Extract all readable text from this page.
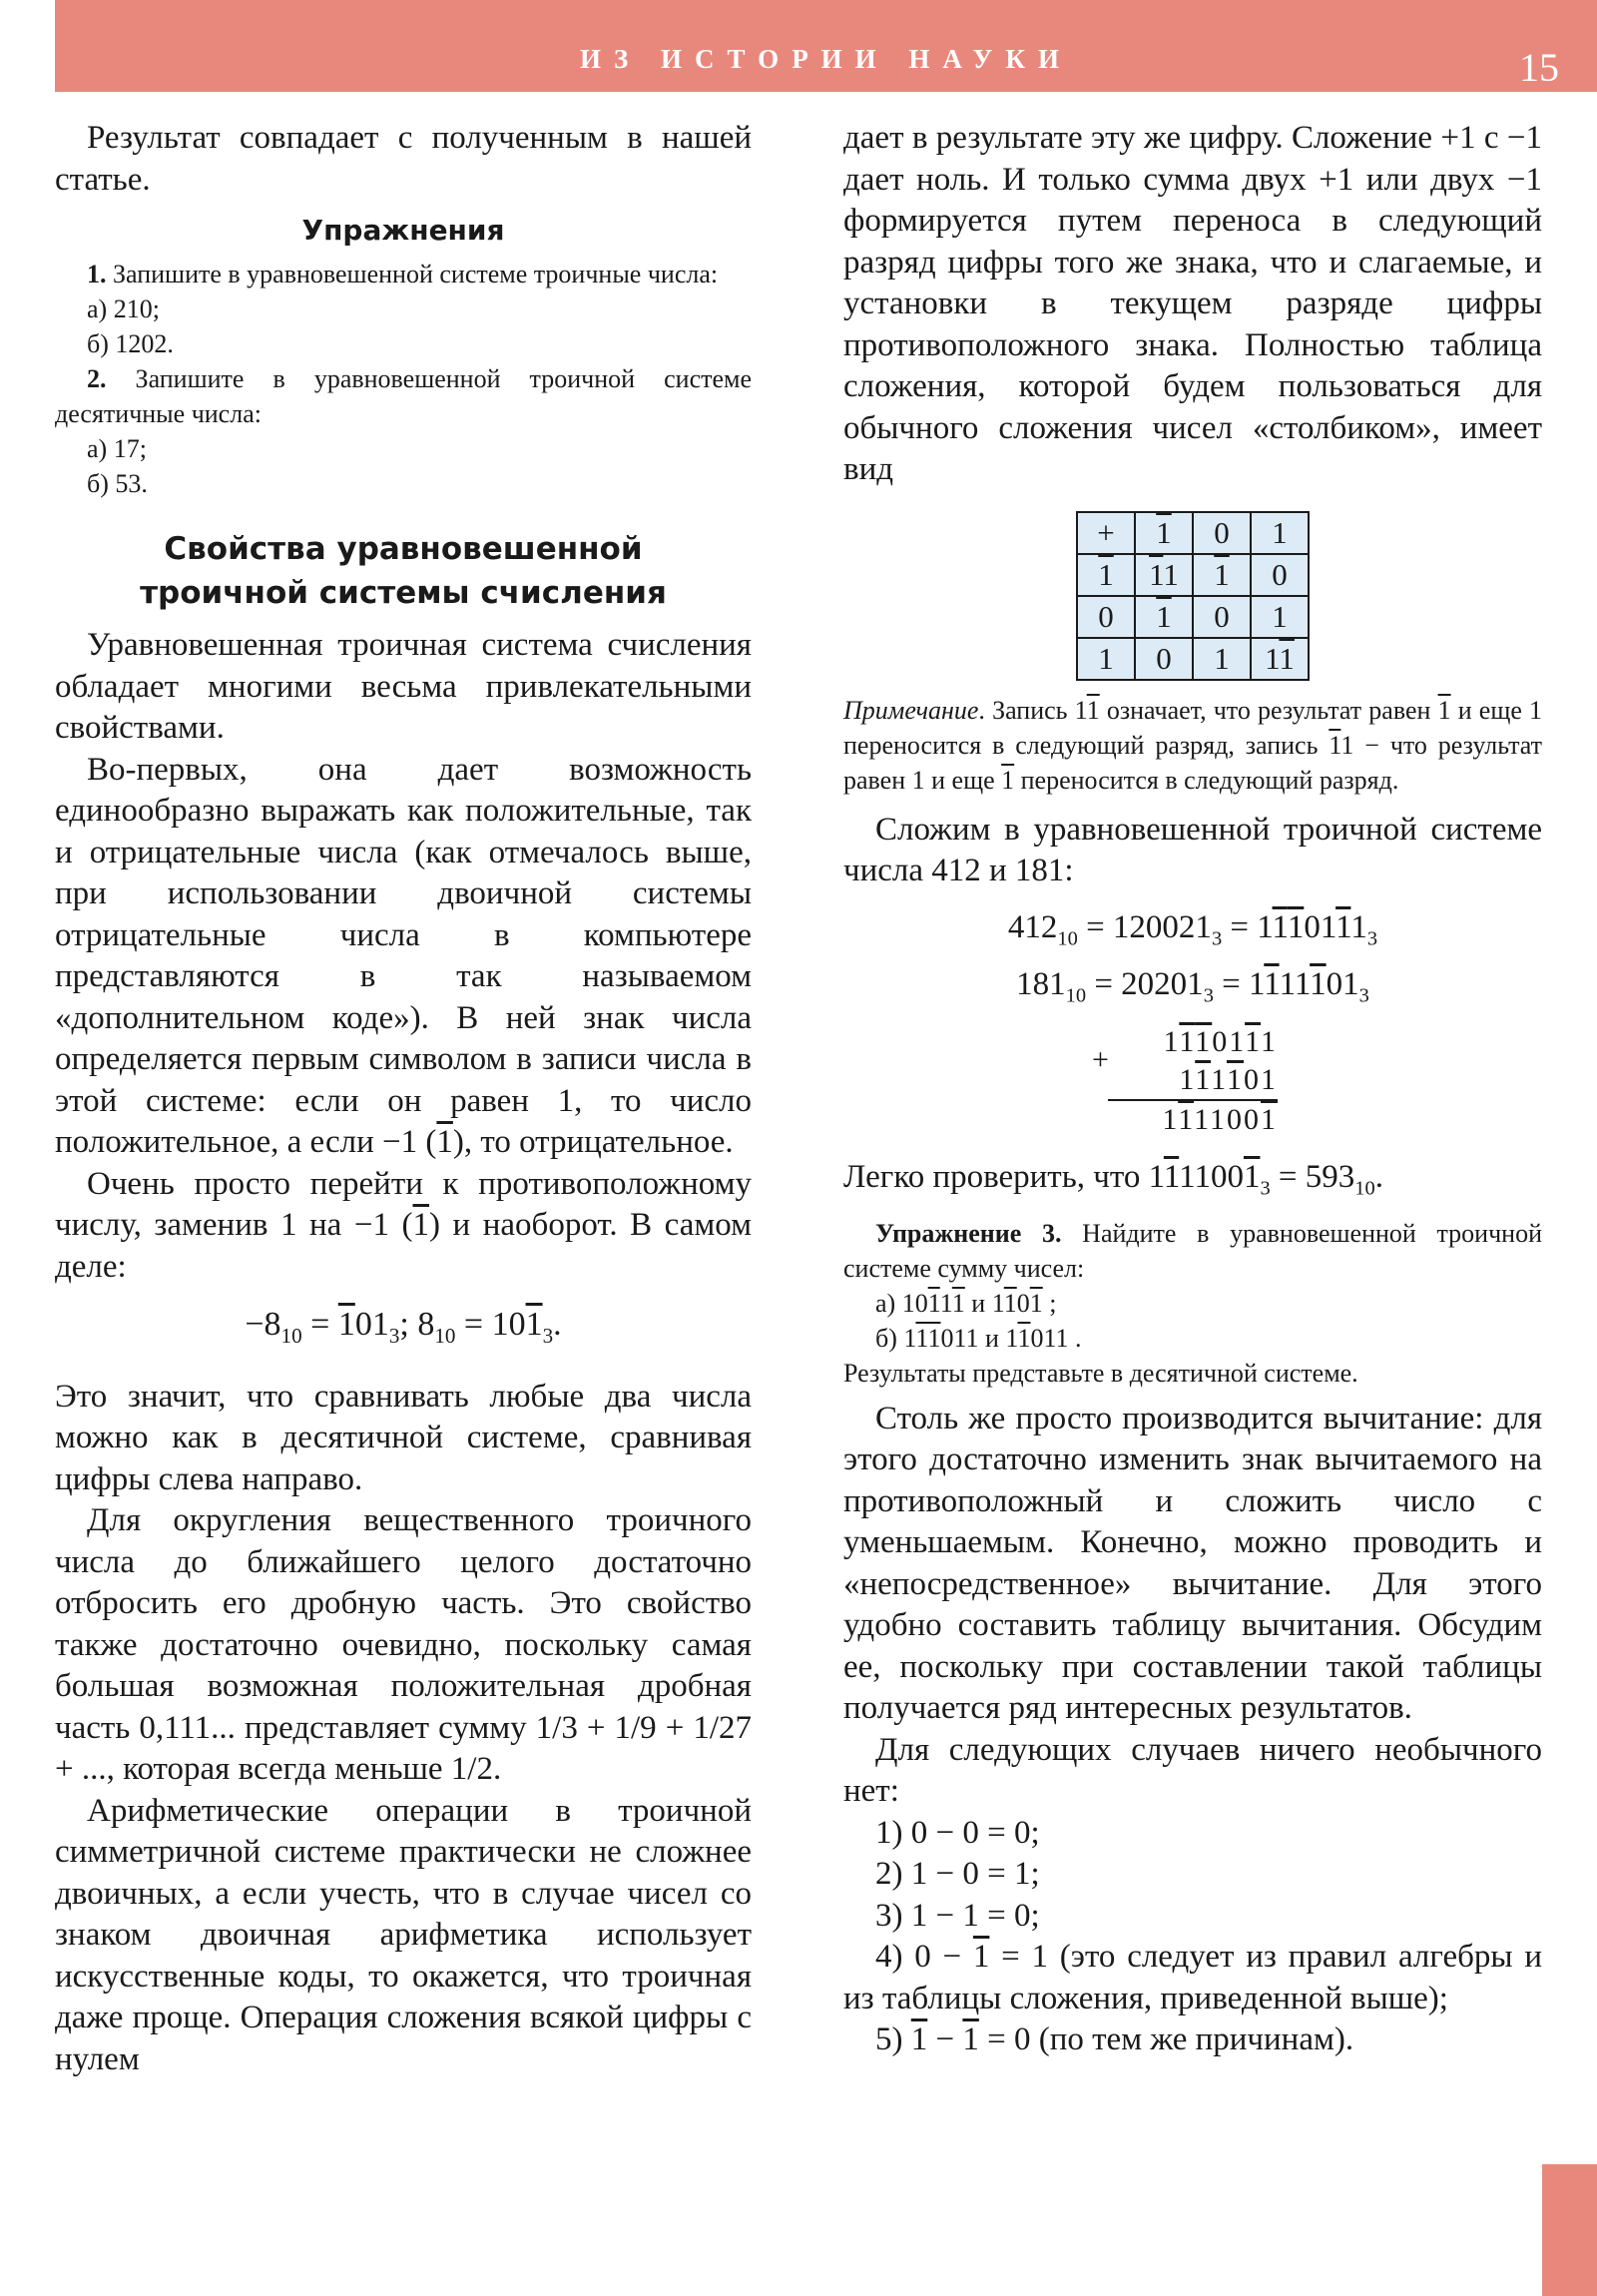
ИЗ ИСТОРИИ НАУКИ	15

Результат совпадает с полученным в нашей статье.

Упражнения

1. Запишите в уравновешенной системе троичные числа:

а) 210;

б) 1202.

2. Запишите в уравновешенной троичной системе десятичные числа:

а) 17;

б) 53.

Свойства уравновешенной
троичной системы счисления

Уравновешенная троичная система счисления обладает многими весьма привлекательными свойствами.

Во-первых, она дает возможность единообразно выражать как положительные, так и отрицательные числа (как отмечалось выше, при использовании двоичной системы отрицательные числа в компьютере представляются в так называемом «дополнительном коде»). В ней знак числа определяется первым символом в записи числа в этой системе: если он равен 1, то число положительное, а если −1 (1), то отрицательное.

Очень просто перейти к противоположному числу, заменив 1 на −1 (1) и наоборот. В самом деле:

$-8_{10} = 101_3$; $8_{10} = 101_3$.

Это значит, что сравнивать любые два числа можно как в десятичной системе, сравнивая цифры слева направо.

Для округления вещественного троичного числа до ближайшего целого достаточно отбросить его дробную часть. Это свойство также достаточно очевидно, поскольку самая большая возможная положительная дробная часть 0,111... представляет сумму 1/3 + 1/9 + 1/27 + ..., которая всегда меньше 1/2.

Арифметические операции в троичной симметричной системе практически не сложнее двоичных, а если учесть, что в случае чисел со знаком двоичная арифметика использует искусственные коды, то окажется, что троичная даже проще. Операция сложения всякой цифры с нулем

дает в результате эту же цифру. Сложение +1 с −1 дает ноль. И только сумма двух +1 или двух −1 формируется путем переноса в следующий разряд цифры того же знака, что и слагаемые, и установки в текущем разряде цифры противоположного знака. Полностью таблица сложения, которой будем пользоваться для обычного сложения чисел «столбиком», имеет вид

+	1	0	1
1	11	1	0
0	1	0	1
1	0	1	11

Примечание. Запись 11 означает, что результат равен 1 и еще 1 переносится в следующий разряд, запись 11 − что результат равен 1 и еще 1 переносится в следующий разряд.

Сложим в уравновешенной троичной системе числа 412 и 181:

$412_{10} = 120021_3 = 1110111_3$
$181_{10} = 20201_3 = 1111101_3$
+
1110111
111101
1111001

Легко проверить, что $1111001_3 = 593_{10}$.

Упражнение 3. Найдите в уравновешенной троичной системе сумму чисел:

а) 10111 и 1101 ;

б) 111011 и 11011 .

Результаты представьте в десятичной системе.

Столь же просто производится вычитание: для этого достаточно изменить знак вычитаемого на противоположный и сложить число с уменьшаемым. Конечно, можно проводить и «непосредственное» вычитание. Для этого удобно составить таблицу вычитания. Обсудим ее, поскольку при составлении такой таблицы получается ряд интересных результатов.

Для следующих случаев ничего необычного нет:

1) 0 − 0 = 0;

2) 1 − 0 = 1;

3) 1 − 1 = 0;

4) 0 − 1 = 1 (это следует из правил алгебры и из таблицы сложения, приведенной выше);

5) 1 − 1 = 0 (по тем же причинам).
